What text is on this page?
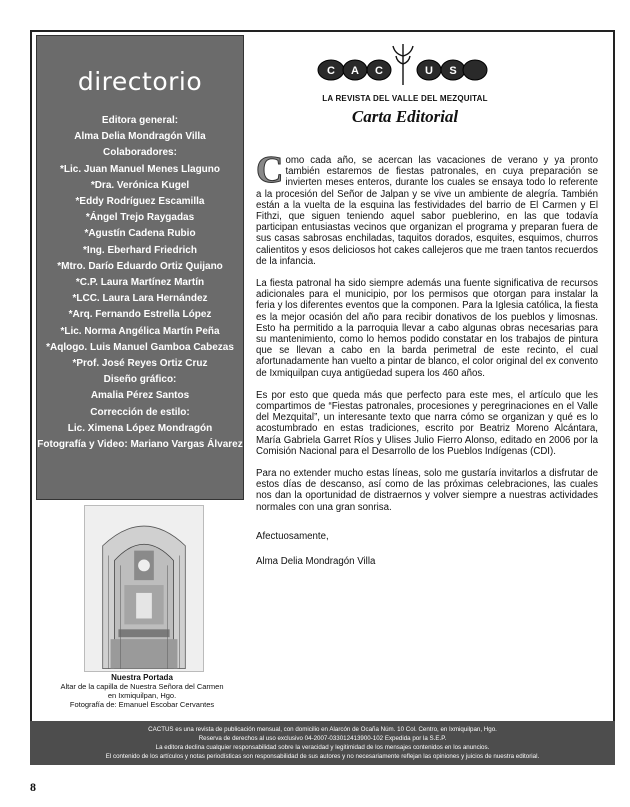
directorio
Editora general:
Alma Delia Mondragón Villa
Colaboradores:
*Lic. Juan Manuel Menes Llaguno
*Dra. Verónica Kugel
*Eddy Rodríguez Escamilla
*Ángel Trejo Raygadas
*Agustín Cadena Rubio
*Ing. Eberhard Friedrich
*Mtro. Darío Eduardo Ortiz Quijano
*C.P. Laura Martínez Martín
*LCC. Laura Lara Hernández
*Arq. Fernando Estrella López
*Lic. Norma Angélica Martín Peña
*Aqlogo. Luis Manuel Gamboa Cabezas
*Prof. José Reyes Ortiz Cruz
Diseño gráfico:
Amalia Pérez Santos
Corrección de estilo:
Lic. Ximena López Mondragón
Fotografía y Video: Mariano Vargas Álvarez
C A C	U S
LA REVISTA DEL VALLE DEL MEZQUITAL
Carta Editorial
Como cada año, se acercan las vacaciones de verano y ya pronto también estaremos de fiestas patronales, en cuya preparación se invierten meses enteros, durante los cuales se ensaya todo lo referente a la procesión del Señor de Jalpan y se vive un ambiente de alegría. También están a la vuelta de la esquina las festividades del barrio de El Carmen y El Fithzi, que siguen teniendo aquel sabor pueblerino, en las que todavía participan entusiastas vecinos que organizan el programa y preparan fuera de sus casas sabrosas enchiladas, taquitos dorados, esquites, esquimos, churros calientitos y esos deliciosos hot cakes callejeros que me traen tantos recuerdos de la infancia.
La fiesta patronal ha sido siempre además una fuente significativa de recursos adicionales para el municipio, por los permisos que otorgan para instalar la feria y los diferentes eventos que la componen. Para la Iglesia católica, la fiesta es la mejor ocasión del año para recibir donativos de los pueblos y limosnas. Esto ha permitido a la parroquia llevar a cabo algunas obras necesarias para su mantenimiento, como lo hemos podido constatar en los trabajos de pintura que se llevan a cabo en la barda perimetral de este recinto, el cual afortunadamente han vuelto a pintar de blanco, el color original del ex convento de Ixmiquilpan cuya antigüedad supera los 460 años.
Es por esto que queda más que perfecto para este mes, el artículo que les compartimos de “Fiestas patronales, procesiones y peregrinaciones en el Valle del Mezquital”, un interesante texto que narra cómo se organizan y qué es lo acostumbrado en estas tradiciones, escrito por Beatriz Moreno Alcántara, María Gabriela Garret Ríos y Ulises Julio Fierro Alonso, editado en 2006 por la Comisión Nacional para el Desarrollo de los Pueblos Indígenas (CDI).
Para no extender mucho estas líneas, solo me gustaría invitarlos a disfrutar de estos días de descanso, así como de las próximas celebraciones, las cuales nos dan la oportunidad de distraernos y volver siempre a nuestras actividades normales con una gran sonrisa.
Afectuosamente,
Alma Delia Mondragón Villa
Nuestra Portada
Altar de la capilla de Nuestra Señora del Carmen
en Ixmiquilpan, Hgo.
Fotografía de: Emanuel Escobar Cervantes
CACTUS es una revista de publicación mensual, con domicilio en Alarcón de Ocaña Núm. 10 Col. Centro, en Ixmiquilpan, Hgo.
Reserva de derechos al uso exclusivo 04-2007-033012413900-102 Expedida por la S.E.P.
La editora declina cualquier responsabilidad sobre la veracidad y legitimidad de los mensajes contenidos en los anuncios.
El contenido de los artículos y notas periodísticas son responsabilidad de sus autores y no necesariamente reflejan las opiniones y juicios de nuestra editorial.
8
